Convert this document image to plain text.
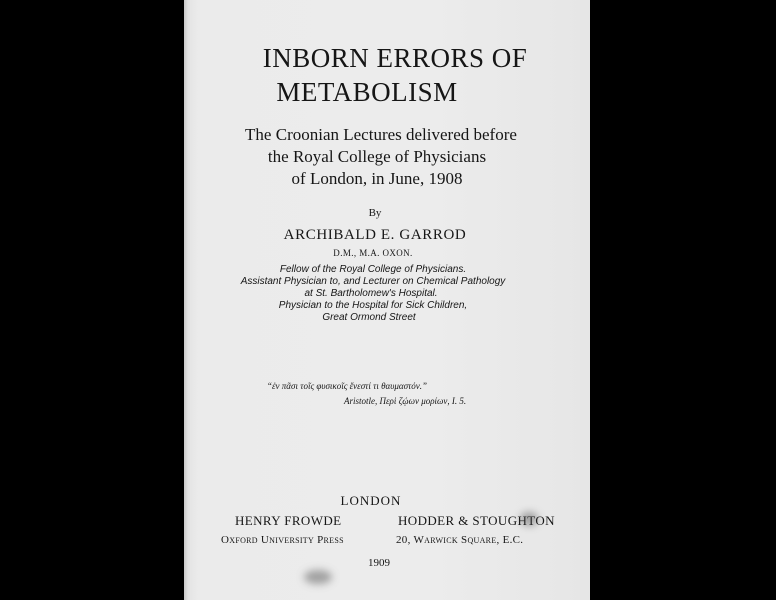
INBORN ERRORS OF
METABOLISM
The Croonian Lectures delivered before
the Royal College of Physicians
of London, in June, 1908
By
ARCHIBALD E. GARROD
D.M., M.A. OXON.
Fellow of the Royal College of Physicians.
Assistant Physician to, and Lecturer on Chemical Pathology
at St. Bartholomew's Hospital.
Physician to the Hospital for Sick Children,
Great Ormond Street
“ἐν πᾶσι τοῖς φυσικοῖς ἔνεστί τι θαυμαστόν.”
Aristotle, Περὶ ζῴων μορίων, I. 5.
LONDON
HENRY FROWDE	HODDER & STOUGHTON
Oxford University Press	20, Warwick Square, E.C.
1909
